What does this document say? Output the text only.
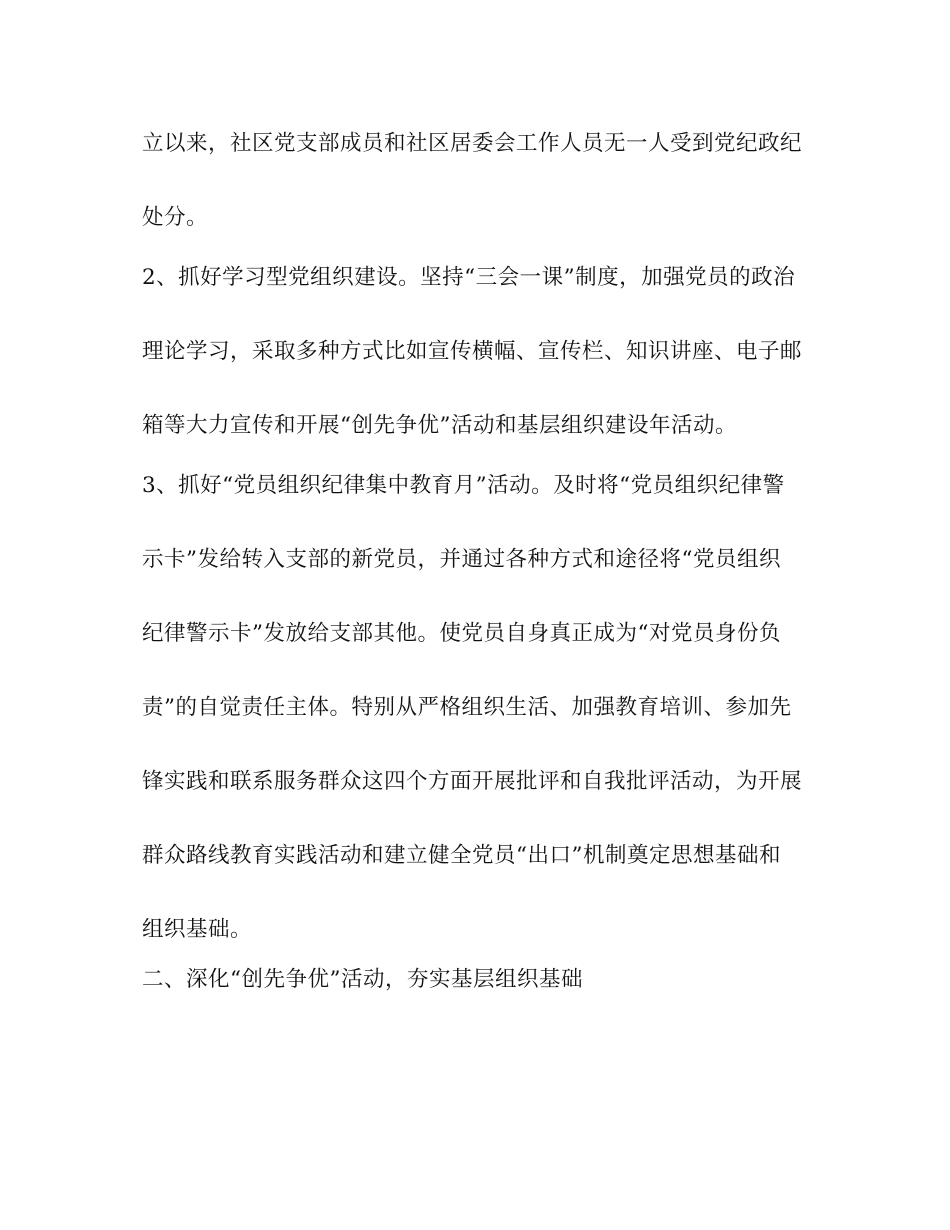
立以来，社区党支部成员和社区居委会工作人员无一人受到党纪政纪
处分。
2、抓好学习型党组织建设。坚持“三会一课”制度，加强党员的政治
理论学习，采取多种方式比如宣传横幅、宣传栏、知识讲座、电子邮
箱等大力宣传和开展“创先争优”活动和基层组织建设年活动。
3、抓好“党员组织纪律集中教育月”活动。及时将“党员组织纪律警
示卡”发给转入支部的新党员，并通过各种方式和途径将“党员组织
纪律警示卡”发放给支部其他。使党员自身真正成为“对党员身份负
责”的自觉责任主体。特别从严格组织生活、加强教育培训、参加先
锋实践和联系服务群众这四个方面开展批评和自我批评活动，为开展
群众路线教育实践活动和建立健全党员“出口”机制奠定思想基础和
组织基础。
二、深化“创先争优”活动，夯实基层组织基础
